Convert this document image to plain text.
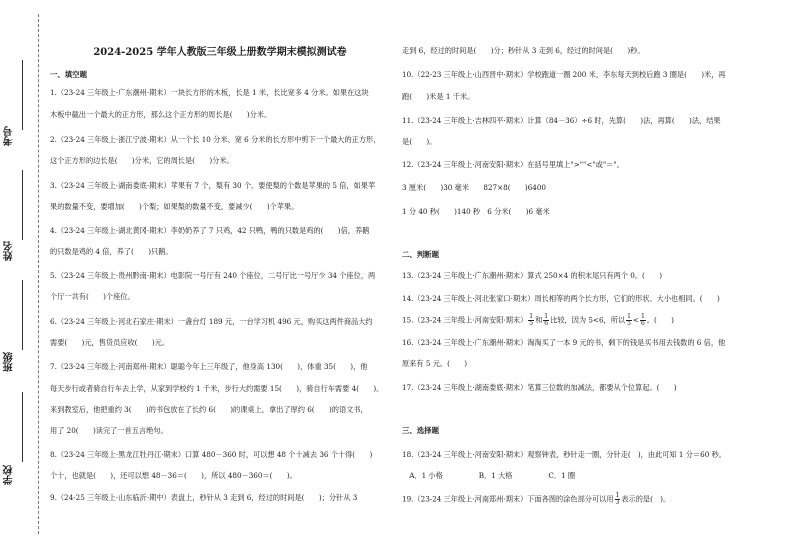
考号
姓名
班级
学校
2024-2025 学年人教版三年级上册数学期末模拟测试卷
一、填空题
1.（23-24 三年级上·广东潮州·期末）一块长方形的木板，长是 1 米，长比宽多 4 分米。如果在这块
木板中截出一个最大的正方形，那么这个正方形的周长是(　　)分米。
2.（23-24 三年级上·浙江宁波·期末）从一个长 10 分米、宽 6 分米的长方形中剪下一个最大的正方形，
这个正方形的边长是(　　)分米，它的周长是(　　)分米。
3.（23-24 三年级上·湖南娄底·期末）苹果有 7 个，梨有 30 个。要使梨的个数是苹果的 5 倍，如果苹
果的数量不变，要增加(　　)个梨；如果梨的数量不变，要减少(　　)个苹果。
4.（23-24 三年级上·湖北黄冈·期末）李奶奶养了 7 只鸡，42 只鸭，鸭的只数是鸡的(　　)倍，养鹅
的只数是鸡的 4 倍，养了(　　)只鹅。
5.（23-24 三年级上·贵州黔南·期末）电影院一号厅有 240 个座位，二号厅比一号厅少 34 个座位，两
个厅一共有(　　)个座位。
6.（23-24 三年级上·河北石家庄·期末）一盏台灯 189 元，一台学习机 496 元，购买这两件商品大约
需要(　　)元，售货员应收(　　)元。
7.（23-24 三年级上·河南郑州·期末）聪聪今年上三年级了，他身高 130(　　)，体重 35(　　)，他
每天步行或者骑自行车去上学，从家到学校约 1 千米，步行大约需要 15(　　)，骑自行车需要 4(　　)。
来到教室后，他把重约 3(　　)的书包放在了长约 6(　　)的课桌上，拿出了厚约 6(　　)的语文书，
用了 20(　　)读完了一首五言绝句。
8.（23-24 三年级上·黑龙江牡丹江·期末）口算 480－360 时，可以想 48 个十减去 36 个十得(　　)
个十，也就是(　　)，还可以想 48－36＝(　　)，所以 480－360＝(　　)。
9.（24-25 三年级上·山东临沂·期中）表盘上，秒针从 3 走到 6，经过的时间是(　　)；分针从 3
走到 6，经过的时间是(　　)分；秒针从 3 走到 6，经过的时间是(　　)秒。
10.（22-23 三年级上·山西晋中·期末）学校跑道一圈 200 米，李东每天到校后跑 3 圈是(　　)米，再
跑(　　)米是 1 千米。
11.（23-24 三年级上·吉林四平·期末）计算（84－36）÷6 时，先算(　　)法，再算(　　)法，结果
是(　　)。
12.（23-24 三年级上·河南安阳·期末）在括号里填上">""<"或"＝"。
3 厘米(　　)30 毫米　　827×8(　　)6400
1 分 40 秒(　　)140 秒　6 分米(　　)6 毫米
二、判断题
13.（23-24 三年级上·广东潮州·期末）算式 250×4 的积末尾只有两个 0。(　　)
14.（23-24 三年级上·河北张家口·期末）周长相等的两个长方形，它们的形状、大小也相同。(　　)
15.（23-24 三年级上·河南安阳·期末） $\frac{1}{5}$ 和 $\frac{1}{6}$ 比较，因为 5<6，所以 $\frac{1}{5} < \frac{1}{6}$ 。(　　)
16.（23-24 三年级上·广东潮州·期末）淘淘买了一本 9 元的书，剩下的钱是买书用去钱数的 6 倍，他
原来有 5 元。(　　)
17.（23-24 三年级上·湖南娄底·期末）笔算三位数的加减法，都要从个位算起。(　　)
三、选择题
18.（23-24 三年级上·河南安阳·期末）观察钟表，秒针走一圈，分针走(　)，由此可知 1 分＝60 秒。
　A．1 小格　　　　　B．1 大格　　　　　C．1 圈
19.（23-24 三年级上·河南郑州·期末）下面各图的涂色部分可以用 $\frac{1}{3}$ 表示的是(　)。
